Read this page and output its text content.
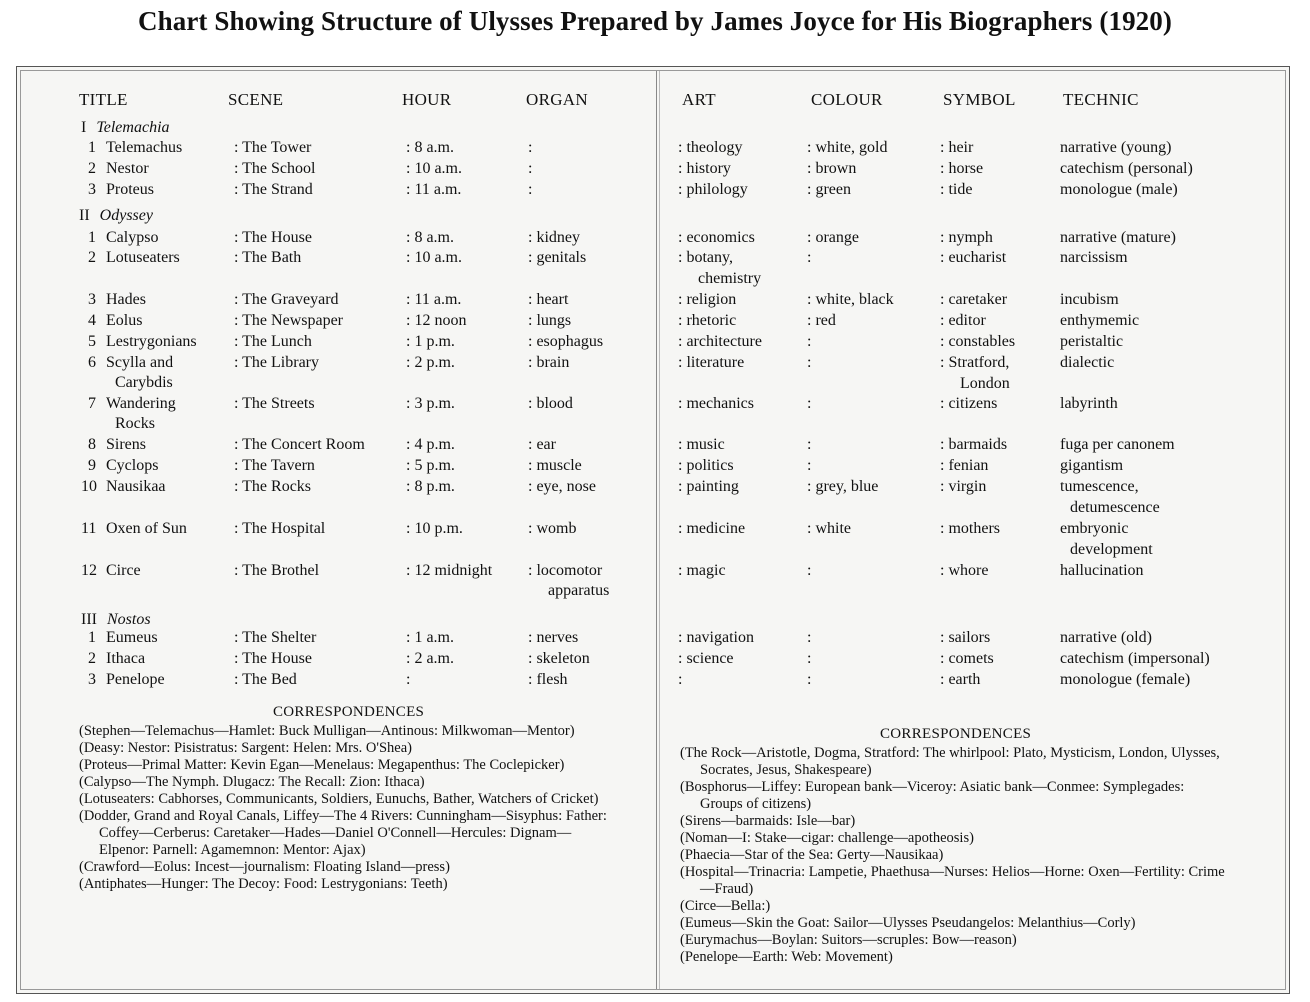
Chart Showing Structure of Ulysses Prepared by James Joyce for His Biographers (1920)
TITLE	SCENE	HOUR	ORGAN
I Telemachia
II Odyssey
III Nostos
CORRESPONDENCES
(Stephen—Telemachus—Hamlet: Buck Mulligan—Antinous: Milkwoman—Mentor)
(Deasy: Nestor: Pisistratus: Sargent: Helen: Mrs. O'Shea)
(Proteus—Primal Matter: Kevin Egan—Menelaus: Megapenthus: The Coclepicker)
(Calypso—The Nymph. Dlugacz: The Recall: Zion: Ithaca)
(Lotuseaters: Cabhorses, Communicants, Soldiers, Eunuchs, Bather, Watchers of Cricket)
(Dodder, Grand and Royal Canals, Liffey—The 4 Rivers: Cunningham—Sisyphus: Father: Coffey—Cerberus: Caretaker—Hades—Daniel O'Connell—Hercules: Dignam—Elpenor: Parnell: Agamemnon: Mentor: Ajax)
(Crawford—Eolus: Incest—journalism: Floating Island—press)
(Antiphates—Hunger: The Decoy: Food: Lestrygonians: Teeth)
1 Telemachus	: The Tower	: 8 a.m.	:
2 Nestor	: The School	: 10 a.m.	:
3 Proteus	: The Strand	: 11 a.m.	:
1 Calypso	: The House	: 8 a.m.	: kidney
2 Lotuseaters	: The Bath	: 10 a.m.	: genitals
3 Hades	: The Graveyard	: 11 a.m.	: heart
4 Eolus	: The Newspaper	: 12 noon	: lungs
5 Lestrygonians : The Lunch	: 1 p.m.	: esophagus
6 Scylla and	: The Library	: 2 p.m.	: brain
Carybdis
7 Wandering	: The Streets	: 3 p.m.	: blood
Rocks
8 Sirens	: The Concert Room	: 4 p.m.	: ear
9 Cyclops	: The Tavern	: 5 p.m.	: muscle
10 Nausikaa	: The Rocks	: 8 p.m.	: eye, nose
11 Oxen of Sun	: The Hospital	: 10 p.m.	: womb
12 Circe	: The Brothel	: 12 midnight : locomotor
apparatus
1 Eumeus	: The Shelter	: 1 a.m.	: nerves
2 Ithaca	: The House	: 2 a.m.	: skeleton
3 Penelope	: The Bed	:	: flesh
ART	COLOUR	SYMBOL	TECHNIC
CORRESPONDENCES
(The Rock—Aristotle, Dogma, Stratford: The whirlpool: Plato, Mysticism, London, Ulysses, Socrates, Jesus, Shakespeare)
(Bosphorus—Liffey: European bank—Viceroy: Asiatic bank—Conmee: Symplegades: Groups of citizens)
(Sirens—barmaids: Isle—bar)
(Noman—I: Stake—cigar: challenge—apotheosis)
(Phaecia—Star of the Sea: Gerty—Nausikaa)
(Hospital—Trinacria: Lampetie, Phaethusa—Nurses: Helios—Horne: Oxen—Fertility: Crime—Fraud)
(Circe—Bella:)
(Eumeus—Skin the Goat: Sailor—Ulysses Pseudangelos: Melanthius—Corly)
(Eurymachus—Boylan: Suitors—scruples: Bow—reason)
(Penelope—Earth: Web: Movement)
: theology	: white, gold	: heir	narrative (young)
: history	: brown	: horse	catechism (personal)
: philology	: green	: tide	monologue (male)
: economics	: orange	: nymph	narrative (mature)
: botany,	:	: eucharist	narcissism
chemistry
: religion	: white, black	: caretaker	incubism
: rhetoric	: red	: editor	enthymemic
: architecture	:	: constables	peristaltic
: literature	:	: Stratford,	dialectic
London
: mechanics	:	: citizens	labyrinth
: music	:	: barmaids	fuga per canonem
: politics	:	: fenian	gigantism
: painting	: grey, blue	: virgin	tumescence,
detumescence
: medicine	: white	: mothers	embryonic
development
: magic	:	: whore	hallucination
: navigation	:	: sailors	narrative (old)
: science	:	: comets	catechism (impersonal)
:	:	: earth	monologue (female)
